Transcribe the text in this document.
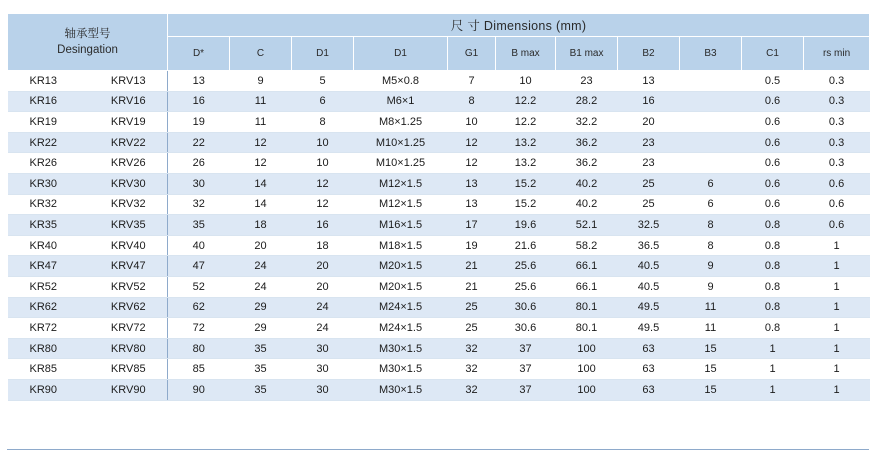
轴承型号
Desingation		尺 寸 Dimensions (mm)										
		D*	C	D1	D1	G1	B max	B1 max	B2	B3	C1	rs min
KR13	KRV13	13	9	5	M5×0.8	7	10	23	13		0.5	0.3
KR16	KRV16	16	11	6	M6×1	8	12.2	28.2	16		0.6	0.3
KR19	KRV19	19	11	8	M8×1.25	10	12.2	32.2	20		0.6	0.3
KR22	KRV22	22	12	10	M10×1.25	12	13.2	36.2	23		0.6	0.3
KR26	KRV26	26	12	10	M10×1.25	12	13.2	36.2	23		0.6	0.3
KR30	KRV30	30	14	12	M12×1.5	13	15.2	40.2	25	6	0.6	0.6
KR32	KRV32	32	14	12	M12×1.5	13	15.2	40.2	25	6	0.6	0.6
KR35	KRV35	35	18	16	M16×1.5	17	19.6	52.1	32.5	8	0.8	0.6
KR40	KRV40	40	20	18	M18×1.5	19	21.6	58.2	36.5	8	0.8	1
KR47	KRV47	47	24	20	M20×1.5	21	25.6	66.1	40.5	9	0.8	1
KR52	KRV52	52	24	20	M20×1.5	21	25.6	66.1	40.5	9	0.8	1
KR62	KRV62	62	29	24	M24×1.5	25	30.6	80.1	49.5	11	0.8	1
KR72	KRV72	72	29	24	M24×1.5	25	30.6	80.1	49.5	11	0.8	1
KR80	KRV80	80	35	30	M30×1.5	32	37	100	63	15	1	1
KR85	KRV85	85	35	30	M30×1.5	32	37	100	63	15	1	1
KR90	KRV90	90	35	30	M30×1.5	32	37	100	63	15	1	1
